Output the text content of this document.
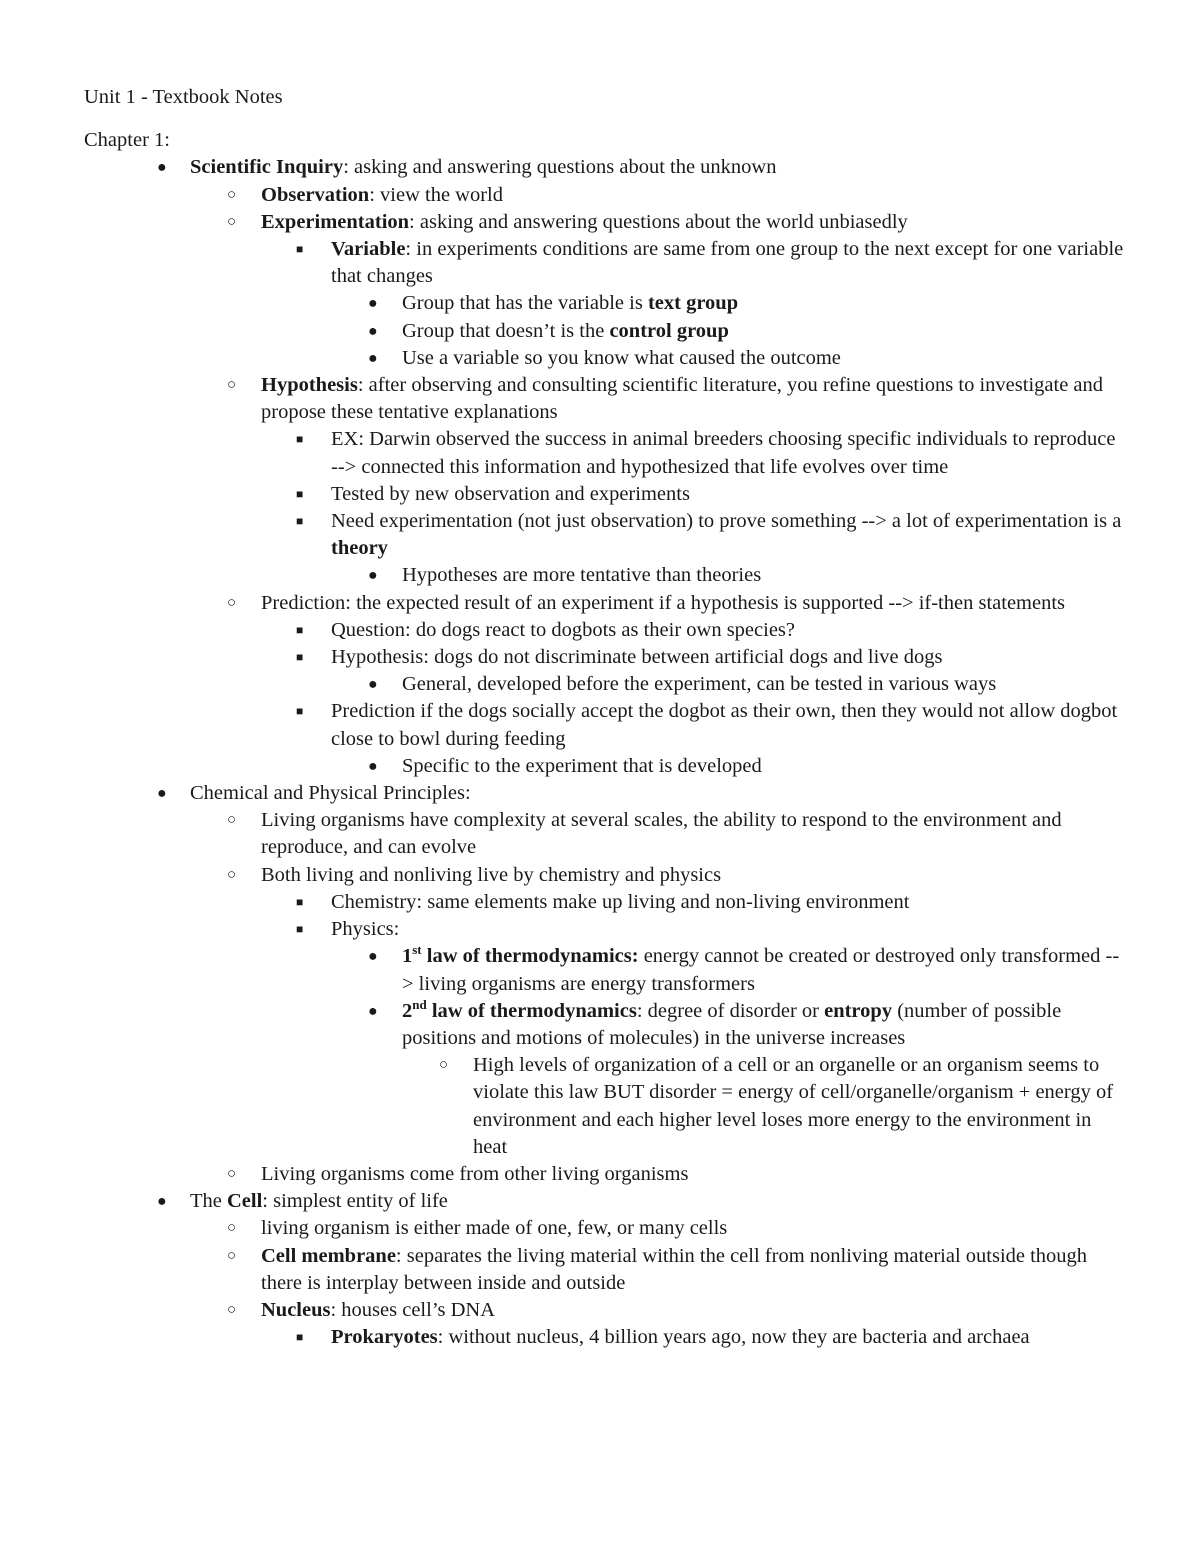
Unit 1 - Textbook Notes

Chapter 1:

● Scientific Inquiry: asking and answering questions about the unknown
○ Observation: view the world
○ Experimentation: asking and answering questions about the world unbiasedly
■ Variable: in experiments conditions are same from one group to the next except for one variable that changes
● Group that has the variable is text group
● Group that doesn’t is the control group
● Use a variable so you know what caused the outcome
○ Hypothesis: after observing and consulting scientific literature, you refine questions to investigate and propose these tentative explanations
■ EX: Darwin observed the success in animal breeders choosing specific individuals to reproduce --> connected this information and hypothesized that life evolves over time
■ Tested by new observation and experiments
■ Need experimentation (not just observation) to prove something --> a lot of experimentation is a theory
● Hypotheses are more tentative than theories
○ Prediction: the expected result of an experiment if a hypothesis is supported --> if-then statements
■ Question: do dogs react to dogbots as their own species?
■ Hypothesis: dogs do not discriminate between artificial dogs and live dogs
● General, developed before the experiment, can be tested in various ways
■ Prediction if the dogs socially accept the dogbot as their own, then they would not allow dogbot close to bowl during feeding
● Specific to the experiment that is developed
● Chemical and Physical Principles:
○ Living organisms have complexity at several scales, the ability to respond to the environment and reproduce, and can evolve
○ Both living and nonliving live by chemistry and physics
■ Chemistry: same elements make up living and non-living environment
■ Physics:
● 1st law of thermodynamics: energy cannot be created or destroyed only transformed --> living organisms are energy transformers
● 2nd law of thermodynamics: degree of disorder or entropy (number of possible positions and motions of molecules) in the universe increases
○ High levels of organization of a cell or an organelle or an organism seems to violate this law BUT disorder = energy of cell/organelle/organism + energy of environment and each higher level loses more energy to the environment in heat
○ Living organisms come from other living organisms
● The Cell: simplest entity of life
○ living organism is either made of one, few, or many cells
○ Cell membrane: separates the living material within the cell from nonliving material outside though there is interplay between inside and outside
○ Nucleus: houses cell’s DNA
■ Prokaryotes: without nucleus, 4 billion years ago, now they are bacteria and archaea
